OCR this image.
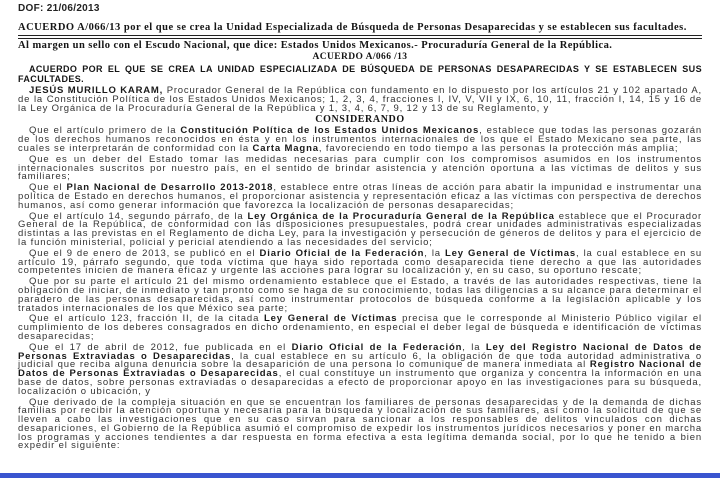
DOF: 21/06/2013
ACUERDO A/066/13 por el que se crea la Unidad Especializada de Búsqueda de Personas Desaparecidas y se establecen sus facultades.
Al margen un sello con el Escudo Nacional, que dice: Estados Unidos Mexicanos.- Procuraduría General de la República.
ACUERDO A/066 /13

ACUERDO POR EL QUE SE CREA LA UNIDAD ESPECIALIZADA DE BÚSQUEDA DE PERSONAS DESAPARECIDAS Y SE ESTABLECEN SUS FACULTADES.

JESÚS MURILLO KARAM, Procurador General de la República con fundamento en lo dispuesto por los artículos 21 y 102 apartado A, de la Constitución Política de los Estados Unidos Mexicanos; 1, 2, 3, 4, fracciones I, IV, V, VII y IX, 6, 10, 11, fracción I, 14, 15 y 16 de la Ley Orgánica de la Procuraduría General de la República y 1, 3, 4, 6, 7, 9, 12 y 13 de su Reglamento, y

CONSIDERANDO

Que el artículo primero de la Constitución Política de los Estados Unidos Mexicanos, establece que todas las personas gozarán de los derechos humanos reconocidos en ésta y en los instrumentos internacionales de los que el Estado Mexicano sea parte, las cuales se interpretarán de conformidad con la Carta Magna, favoreciendo en todo tiempo a las personas la protección más amplia;

Que es un deber del Estado tomar las medidas necesarias para cumplir con los compromisos asumidos en los instrumentos internacionales suscritos por nuestro país, en el sentido de brindar asistencia y atención oportuna a las víctimas de delitos y sus familiares;

Que el Plan Nacional de Desarrollo 2013-2018, establece entre otras líneas de acción para abatir la impunidad e instrumentar una política de Estado en derechos humanos, el proporcionar asistencia y representación eficaz a las víctimas con perspectiva de derechos humanos, así como generar información que favorezca la localización de personas desaparecidas;

Que el artículo 14, segundo párrafo, de la Ley Orgánica de la Procuraduría General de la República establece que el Procurador General de la República, de conformidad con las disposiciones presupuestales, podrá crear unidades administrativas especializadas distintas a las previstas en el Reglamento de dicha Ley, para la investigación y persecución de géneros de delitos y para el ejercicio de la función ministerial, policial y pericial atendiendo a las necesidades del servicio;

Que el 9 de enero de 2013, se publicó en el Diario Oficial de la Federación, la Ley General de Víctimas, la cual establece en su artículo 19, párrafo segundo, que toda víctima que haya sido reportada como desaparecida tiene derecho a que las autoridades competentes inicien de manera eficaz y urgente las acciones para lograr su localización y, en su caso, su oportuno rescate;

Que por su parte el artículo 21 del mismo ordenamiento establece que el Estado, a través de las autoridades respectivas, tiene la obligación de iniciar, de inmediato y tan pronto como se haga de su conocimiento, todas las diligencias a su alcance para determinar el paradero de las personas desaparecidas, así como instrumentar protocolos de búsqueda conforme a la legislación aplicable y los tratados internacionales de los que México sea parte;

Que el artículo 123, fracción II, de la citada Ley General de Víctimas precisa que le corresponde al Ministerio Público vigilar el cumplimiento de los deberes consagrados en dicho ordenamiento, en especial el deber legal de búsqueda e identificación de víctimas desaparecidas;

Que el 17 de abril de 2012, fue publicada en el Diario Oficial de la Federación, la Ley del Registro Nacional de Datos de Personas Extraviadas o Desaparecidas, la cual establece en su artículo 6, la obligación de que toda autoridad administrativa o judicial que reciba alguna denuncia sobre la desaparición de una persona lo comunique de manera inmediata al Registro Nacional de Datos de Personas Extraviadas o Desaparecidas, el cual constituye un instrumento que organiza y concentra la información en una base de datos, sobre personas extraviadas o desaparecidas a efecto de proporcionar apoyo en las investigaciones para su búsqueda, localización o ubicación, y

Que derivado de la compleja situación en que se encuentran los familiares de personas desaparecidas y de la demanda de dichas familias por recibir la atención oportuna y necesaria para la búsqueda y localización de sus familiares, así como la solicitud de que se lleven a cabo las investigaciones que en su caso sirvan para sancionar a los responsables de delitos vinculados con dichas desapariciones, el Gobierno de la República asumió el compromiso de expedir los instrumentos jurídicos necesarios y poner en marcha los programas y acciones tendientes a dar respuesta en forma efectiva a esta legítima demanda social, por lo que he tenido a bien expedir el siguiente:
